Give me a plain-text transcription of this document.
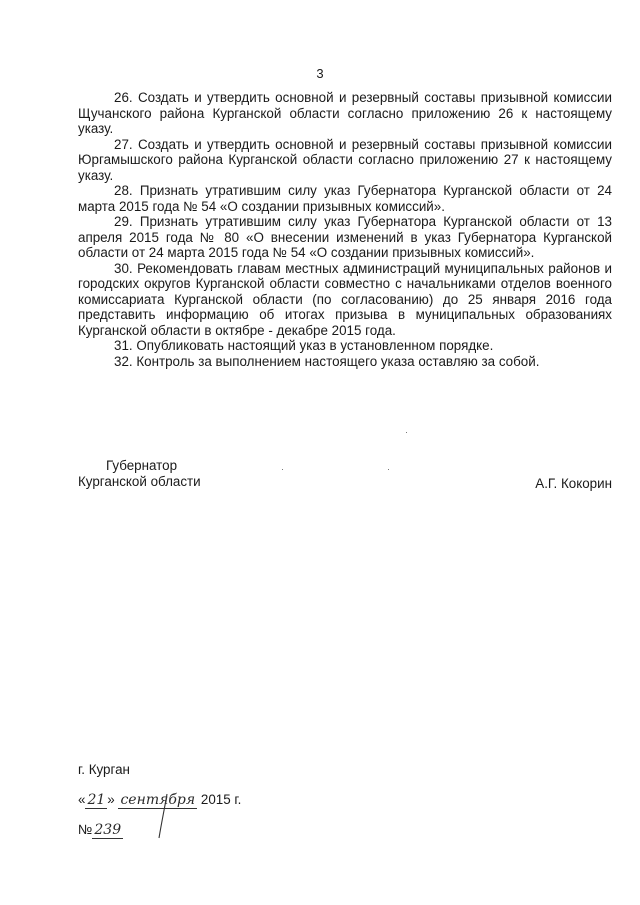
3

26. Создать и утвердить основной и резервный составы призывной комиссии Щучанского района Курганской области согласно приложению 26 к настоящему указу.

27. Создать и утвердить основной и резервный составы призывной комиссии Юргамышского района Курганской области согласно приложению 27 к настоящему указу.

28. Признать утратившим силу указ Губернатора Курганской области от 24 марта 2015 года № 54 «О создании призывных комиссий».

29. Признать утратившим силу указ Губернатора Курганской области от 13 апреля 2015 года № 80 «О внесении изменений в указ Губернатора Курганской области от 24 марта 2015 года № 54 «О создании призывных комиссий».

30. Рекомендовать главам местных администраций муниципальных районов и городских округов Курганской области совместно с начальниками отделов военного комиссариата Курганской области (по согласованию) до 25 января 2016 года представить информацию об итогах призыва в муниципальных образованиях Курганской области в октябре - декабре 2015 года.

31. Опубликовать настоящий указ в установленном порядке.

32. Контроль за выполнением настоящего указа оставляю за собой.

Губернатор
Курганской области	А.Г. Кокорин
г. Курган
« 21 » сентября 2015 г.
№ 239
